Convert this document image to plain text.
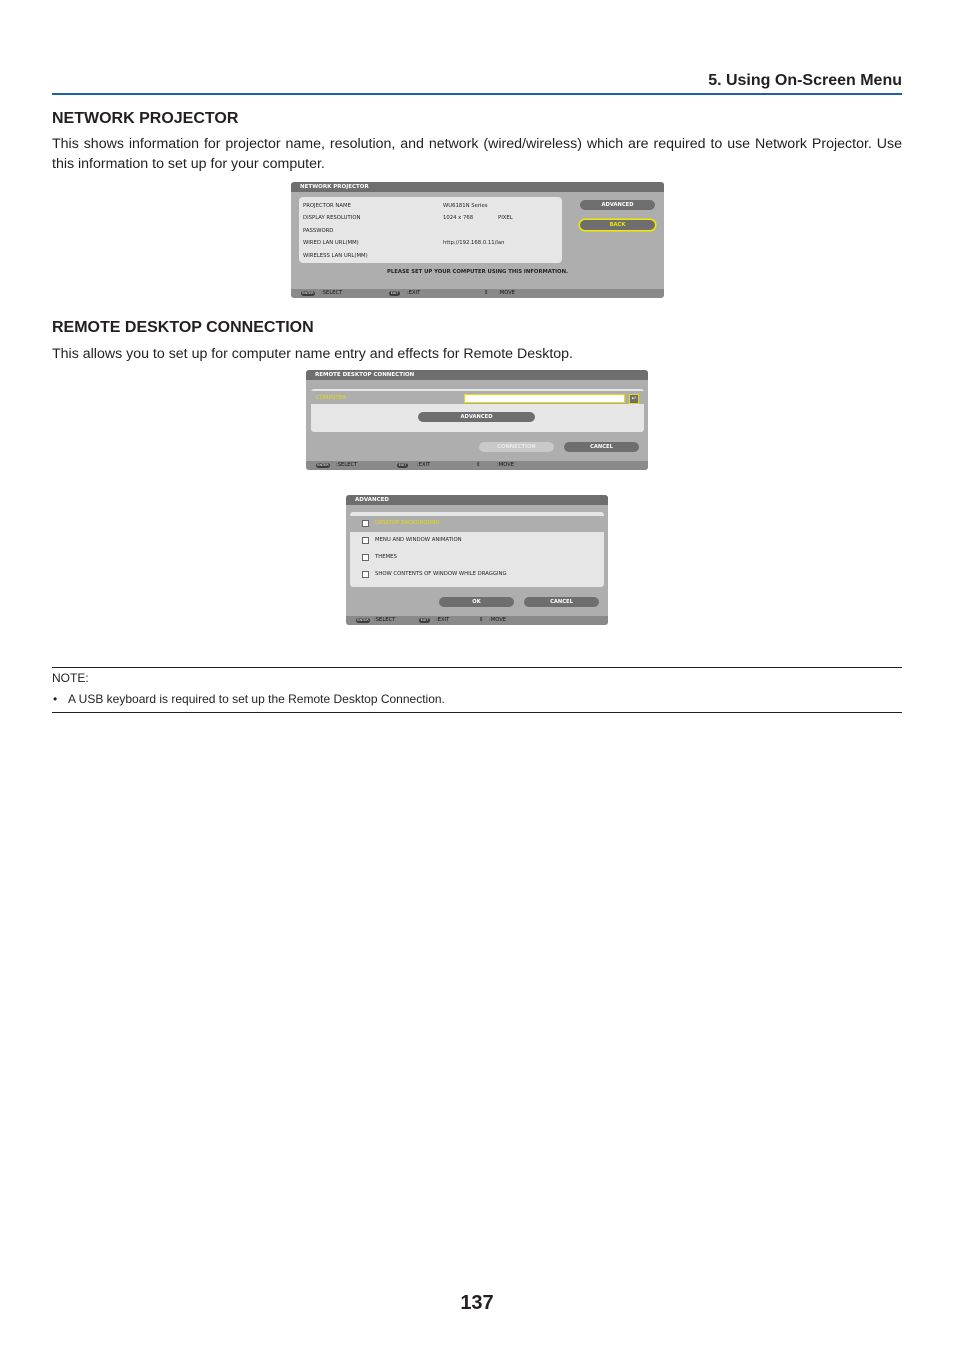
5. Using On-Screen Menu
NETWORK PROJECTOR
This shows information for projector name, resolution, and network (wired/wireless) which are required to use Network Projector. Use this information to set up for your computer.
NETWORK PROJECTOR
PROJECTOR NAME	WU6181N Series
DISPLAY RESOLUTION	1024 x 768	PIXEL
PASSWORD
WIRED LAN URL(MM)	http://192.168.0.11/lan
WIRELESS LAN URL(MM)
ADVANCED
BACK
PLEASE SET UP YOUR COMPUTER USING THIS INFORMATION.
ENTER :SELECT	EXIT	:EXIT	⇕ :MOVE
REMOTE DESKTOP CONNECTION
This allows you to set up for computer name entry and effects for Remote Desktop.
REMOTE DESKTOP CONNECTION
COMPUTER	↵
ADVANCED
CONNECTION	CANCEL
ENTER :SELECT	EXIT	:EXIT	⇕	:MOVE
ADVANCED
DESKTOP BACKGROUND
MENU AND WINDOW ANIMATION
THEMES
SHOW CONTENTS OF WINDOW WHILE DRAGGING
OK	CANCEL
ENTER :SELECT	EXIT	:EXIT	⇕ :MOVE
NOTE:
• A USB keyboard is required to set up the Remote Desktop Connection.
137
